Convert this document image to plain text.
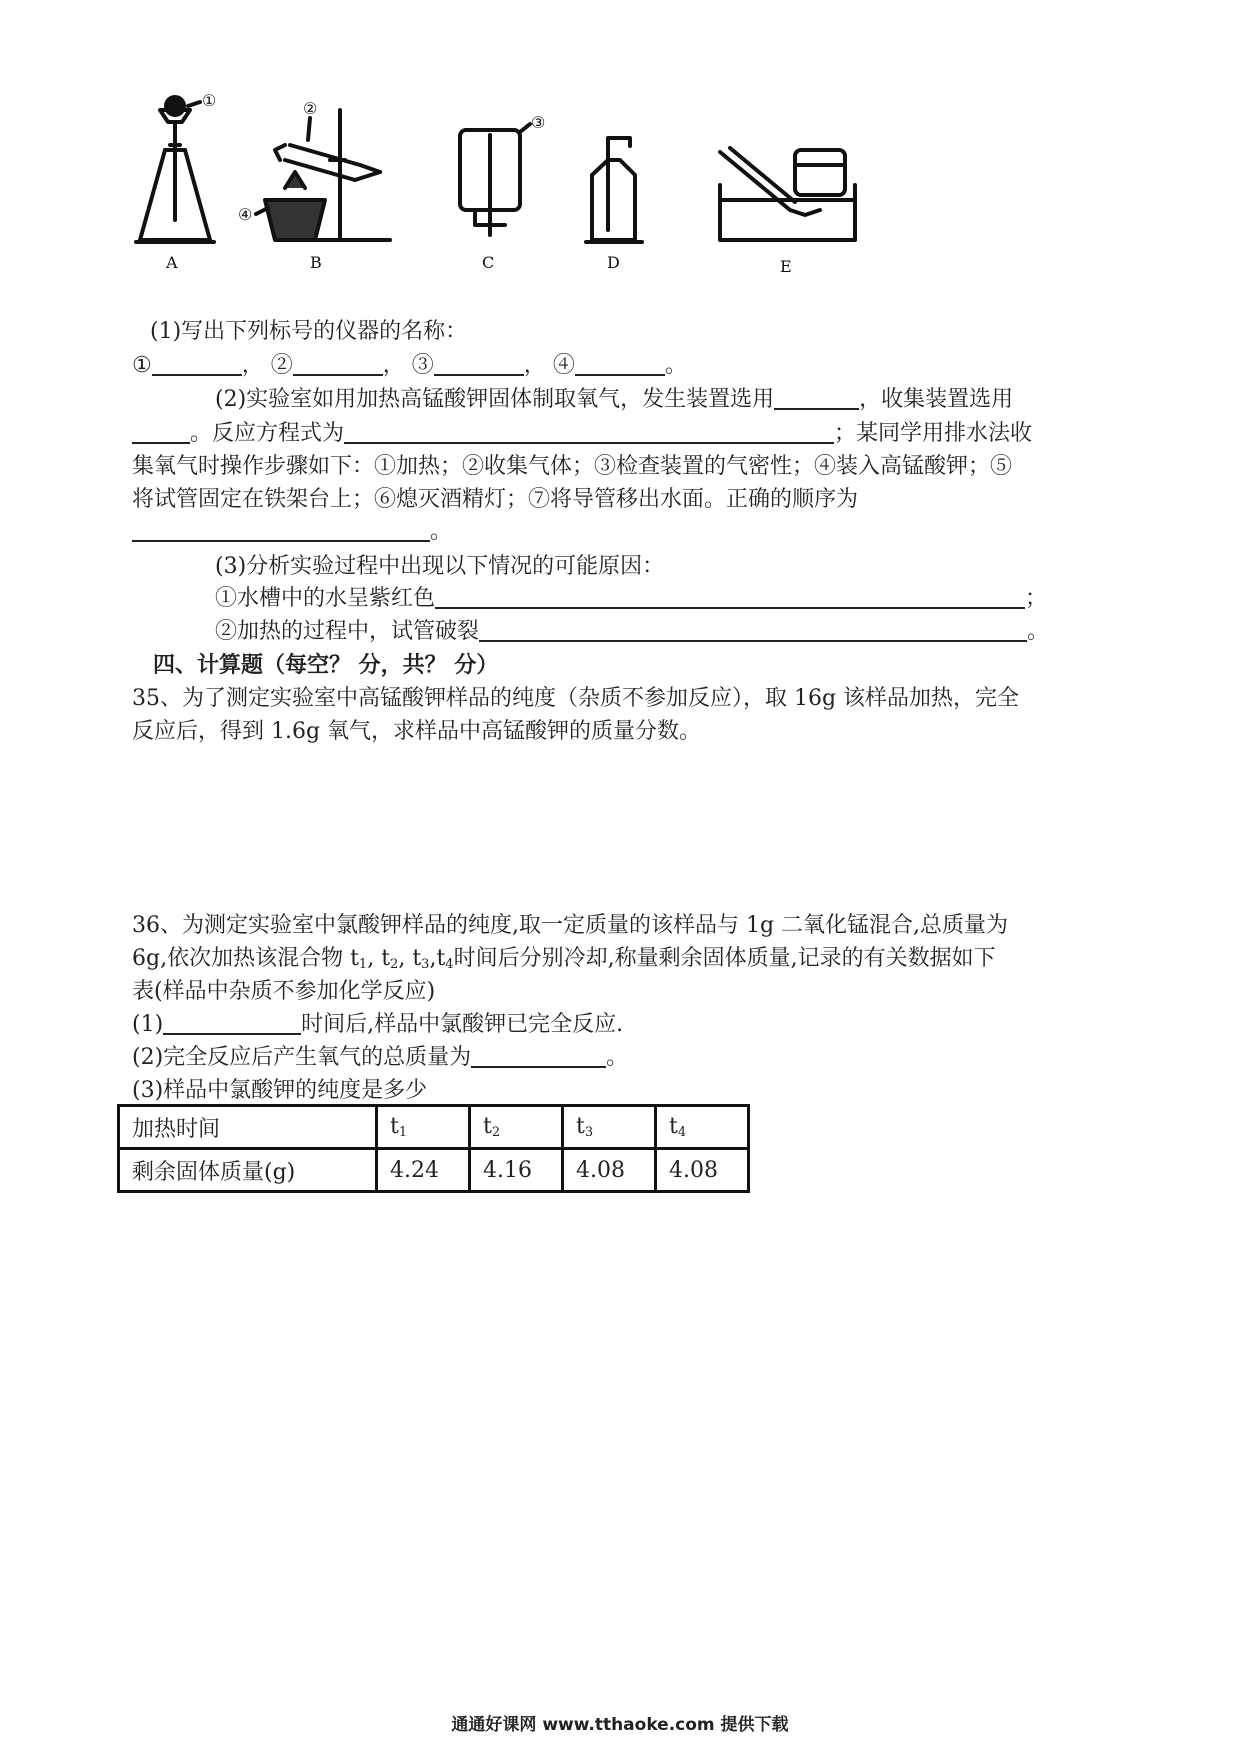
①	②
③
④
A	B	C	D	E
(1)写出下列标号的仪器的名称：
①	， ②	， ③	， ④	。
(2)实验室如用加热高锰酸钾固体制取氧气，发生装置选用	，收集装置选用
。反应方程式为	；某同学用排水法收
集氧气时操作步骤如下：①加热；②收集气体；③检查装置的气密性；④装入高锰酸钾；⑤
将试管固定在铁架台上；⑥熄灭酒精灯；⑦将导管移出水面。正确的顺序为
。
(3)分析实验过程中出现以下情况的可能原因：
①水槽中的水呈紫红色	；
②加热的过程中，试管破裂	。
四、计算题（每空？ 分，共？ 分）
35、为了测定实验室中高锰酸钾样品的纯度（杂质不参加反应），取 16g 该样品加热，完全
反应后，得到 1.6g 氧气，求样品中高锰酸钾的质量分数。
36、为测定实验室中氯酸钾样品的纯度,取一定质量的该样品与 1g 二氧化锰混合,总质量为
6g,依次加热该混合物 $t_1$, $t_2$, $t_3,t_4$时间后分别冷却,称量剩余固体质量,记录的有关数据如下
表(样品中杂质不参加化学反应)
(1)	时间后,样品中氯酸钾已完全反应.
(2)完全反应后产生氧气的总质量为	。
(3)样品中氯酸钾的纯度是多少
加热时间	$t_1$	$t_2$	$t_3$	$t_4$
剩余固体质量(g)	4.24	4.16	4.08	4.08
通通好课网 www.tthaoke.com 提供下载
